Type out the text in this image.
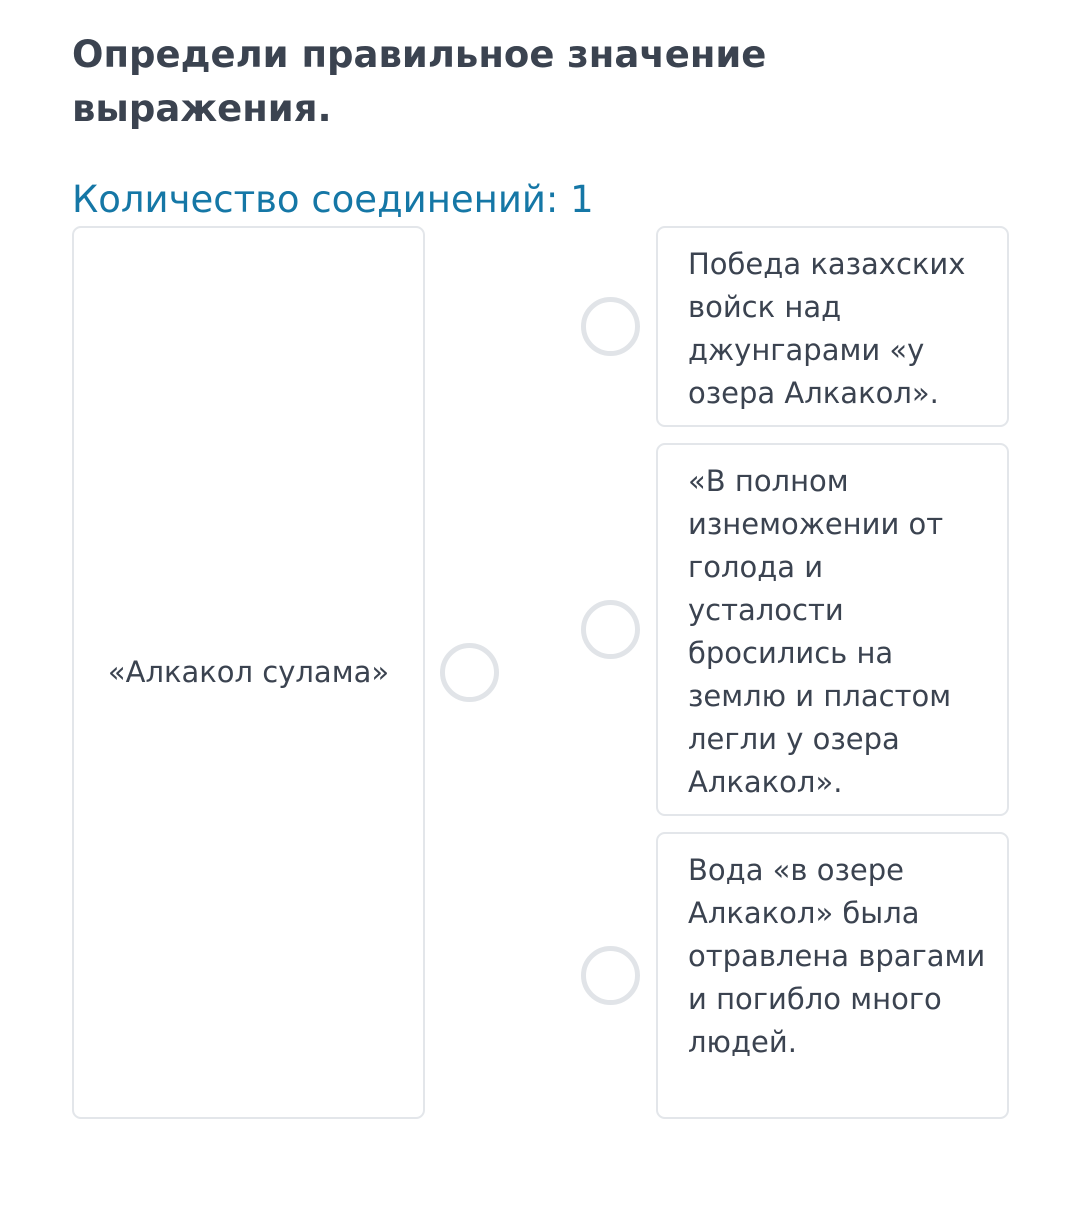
Определи правильное значение выражения.

Количество соединений: 1

«Алкакол сулама»
Победа казахских войск над джунгарами «у озера Алкакол».
«В полном изнеможении от голода и усталости бросились на землю и пластом легли у озера Алкакол».
Вода «в озере Алкакол» была отравлена врагами и погибло много людей.
